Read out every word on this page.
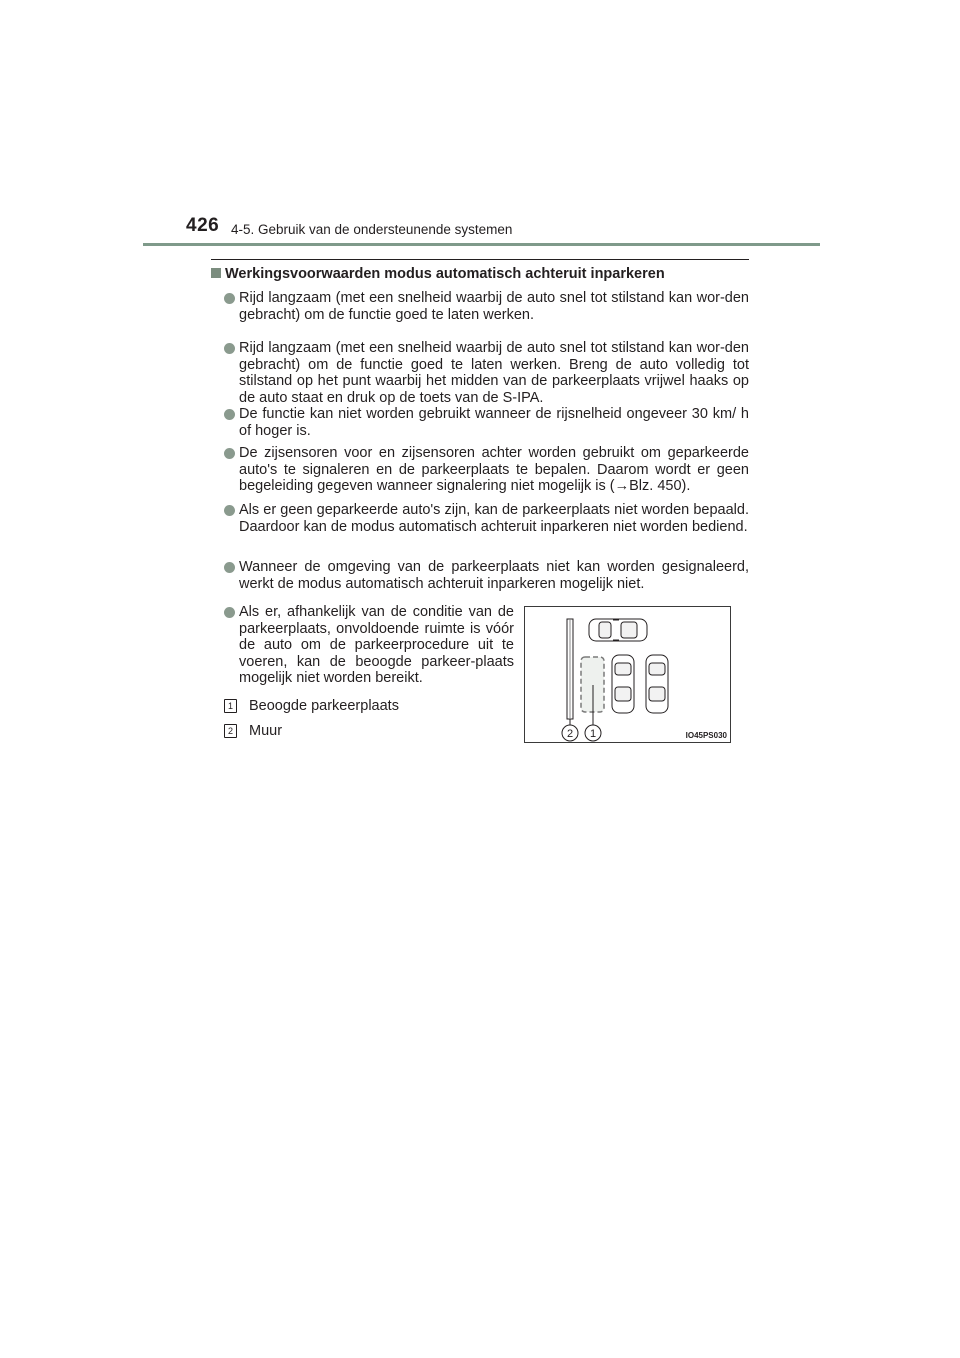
426 4-5. Gebruik van de ondersteunende systemen
Werkingsvoorwaarden modus automatisch achteruit inparkeren
Rijd langzaam (met een snelheid waarbij de auto snel tot stilstand kan wor-den gebracht) om de functie goed te laten werken.
Rijd langzaam (met een snelheid waarbij de auto snel tot stilstand kan wor-den gebracht) om de functie goed te laten werken. Breng de auto volledig tot stilstand op het punt waarbij het midden van de parkeerplaats vrijwel haaks op de auto staat en druk op de toets van de S-IPA.
De functie kan niet worden gebruikt wanneer de rijsnelheid ongeveer 30 km/ h of hoger is.
De zijsensoren voor en zijsensoren achter worden gebruikt om geparkeerde auto's te signaleren en de parkeerplaats te bepalen. Daarom wordt er geen begeleiding gegeven wanneer signalering niet mogelijk is (→Blz. 450).
Als er geen geparkeerde auto's zijn, kan de parkeerplaats niet worden bepaald. Daardoor kan de modus automatisch achteruit inparkeren niet worden bediend.
Wanneer de omgeving van de parkeerplaats niet kan worden gesignaleerd, werkt de modus automatisch achteruit inparkeren mogelijk niet.
Als er, afhankelijk van de conditie van de parkeerplaats, onvoldoende ruimte is vóór de auto om de parkeerprocedure uit te voeren, kan de beoogde parkeer-plaats mogelijk niet worden bereikt.
1 Beoogde parkeerplaats
2 Muur	2 1	IO45PS030
